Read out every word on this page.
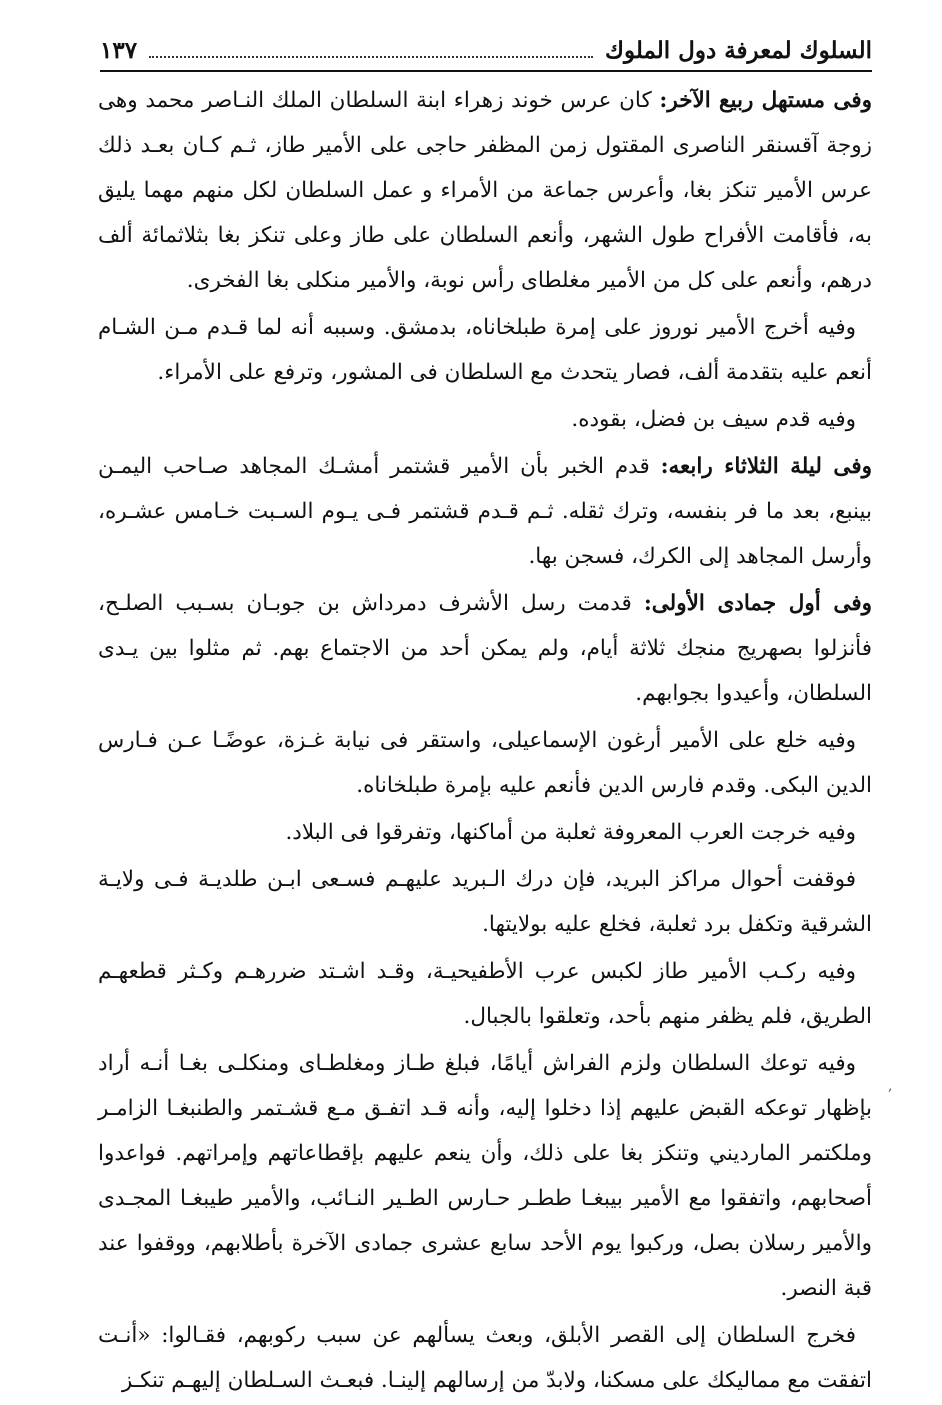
السلوك لمعرفة دول الملوك
١٣٧

وفى مستهل ربيع الآخر: كان عرس خوند زهراء ابنة السلطان الملك النـاصر محمد وهى زوجة آقسنقر الناصرى المقتول زمن المظفر حاجى على الأمير طاز، ثـم كـان بعـد ذلك عرس الأمير تنكز بغا، وأعرس جماعة من الأمراء و عمل السلطان لكل منهم مهما يليق به، فأقامت الأفراح طول الشهر، وأنعم السلطان على طاز وعلى تنكز بغا بثلاثمائة ألف درهم، وأنعم على كل من الأمير مغلطاى رأس نوبة، والأمير منكلى بغا الفخرى.

وفيه أخرج الأمير نوروز على إمرة طبلخاناه، بدمشق. وسببه أنه لما قـدم مـن الشـام أنعم عليه بتقدمة ألف، فصار يتحدث مع السلطان فى المشور، وترفع على الأمراء.

وفيه قدم سيف بن فضل، بقوده.

وفى ليلة الثلاثاء رابعه: قدم الخبر بأن الأمير قشتمر أمشـك المجاهد صـاحب اليمـن بينبع، بعد ما فر بنفسه، وترك ثقله. ثـم قـدم قشتمر فـى يـوم السـبت خـامس عشـره، وأرسل المجاهد إلى الكرك، فسجن بها.

وفى أول جمادى الأولى: قدمت رسل الأشرف دمرداش بن جوبـان بسـبب الصلـح، فأنزلوا بصهريج منجك ثلاثة أيام، ولم يمكن أحد من الاجتماع بهم. ثم مثلوا بين يـدى السلطان، وأعيدوا بجوابهم.

وفيه خلع على الأمير أرغون الإسماعيلى، واستقر فى نيابة غـزة، عوضًـا عـن فـارس الدين البكى. وقدم فارس الدين فأنعم عليه بإمرة طبلخاناه.

وفيه خرجت العرب المعروفة ثعلبة من أماكنها، وتفرقوا فى البلاد.

فوقفت أحوال مراكز البريد، فإن درك الـبريد عليهـم فسـعى ابـن طلديـة فـى ولايـة الشرقية وتكفل برد ثعلبة، فخلع عليه بولايتها.

وفيه ركـب الأمير طاز لكبس عرب الأطفيحيـة، وقـد اشـتد ضررهـم وكـثر قطعهـم الطريق، فلم يظفر منهم بأحد، وتعلقوا بالجبال.

وفيه توعك السلطان ولزم الفراش أيامًا، فبلغ طـاز ومغلطـاى ومنكلـى بغـا أنـه أراد بإظهار توعكه القبض عليهم إذا دخلوا إليه، وأنه قـد اتفـق مـع قشـتمر والطنبغـا الزامـر وملكتمر المارديني وتنكز بغا على ذلك، وأن ينعم عليهم بإقطاعاتهم وإمراتهم. فواعدوا أصحابهم، واتفقوا مع الأمير بيبغـا ططـر حـارس الطـير النـائب، والأمير طيبغـا المجـدى والأمير رسلان بصل، وركبوا يوم الأحد سابع عشرى جمادى الآخرة بأطلابهم، ووقفوا عند قبة النصر.

فخرج السلطان إلى القصر الأبلق، وبعث يسألهم عن سبب ركوبهم، فقـالوا: «أنـت اتفقت مع مماليكك على مسكنا، ولابدّ من إرسالهم إلينـا. فبعـث السـلطان إليهـم تنكـز

,
